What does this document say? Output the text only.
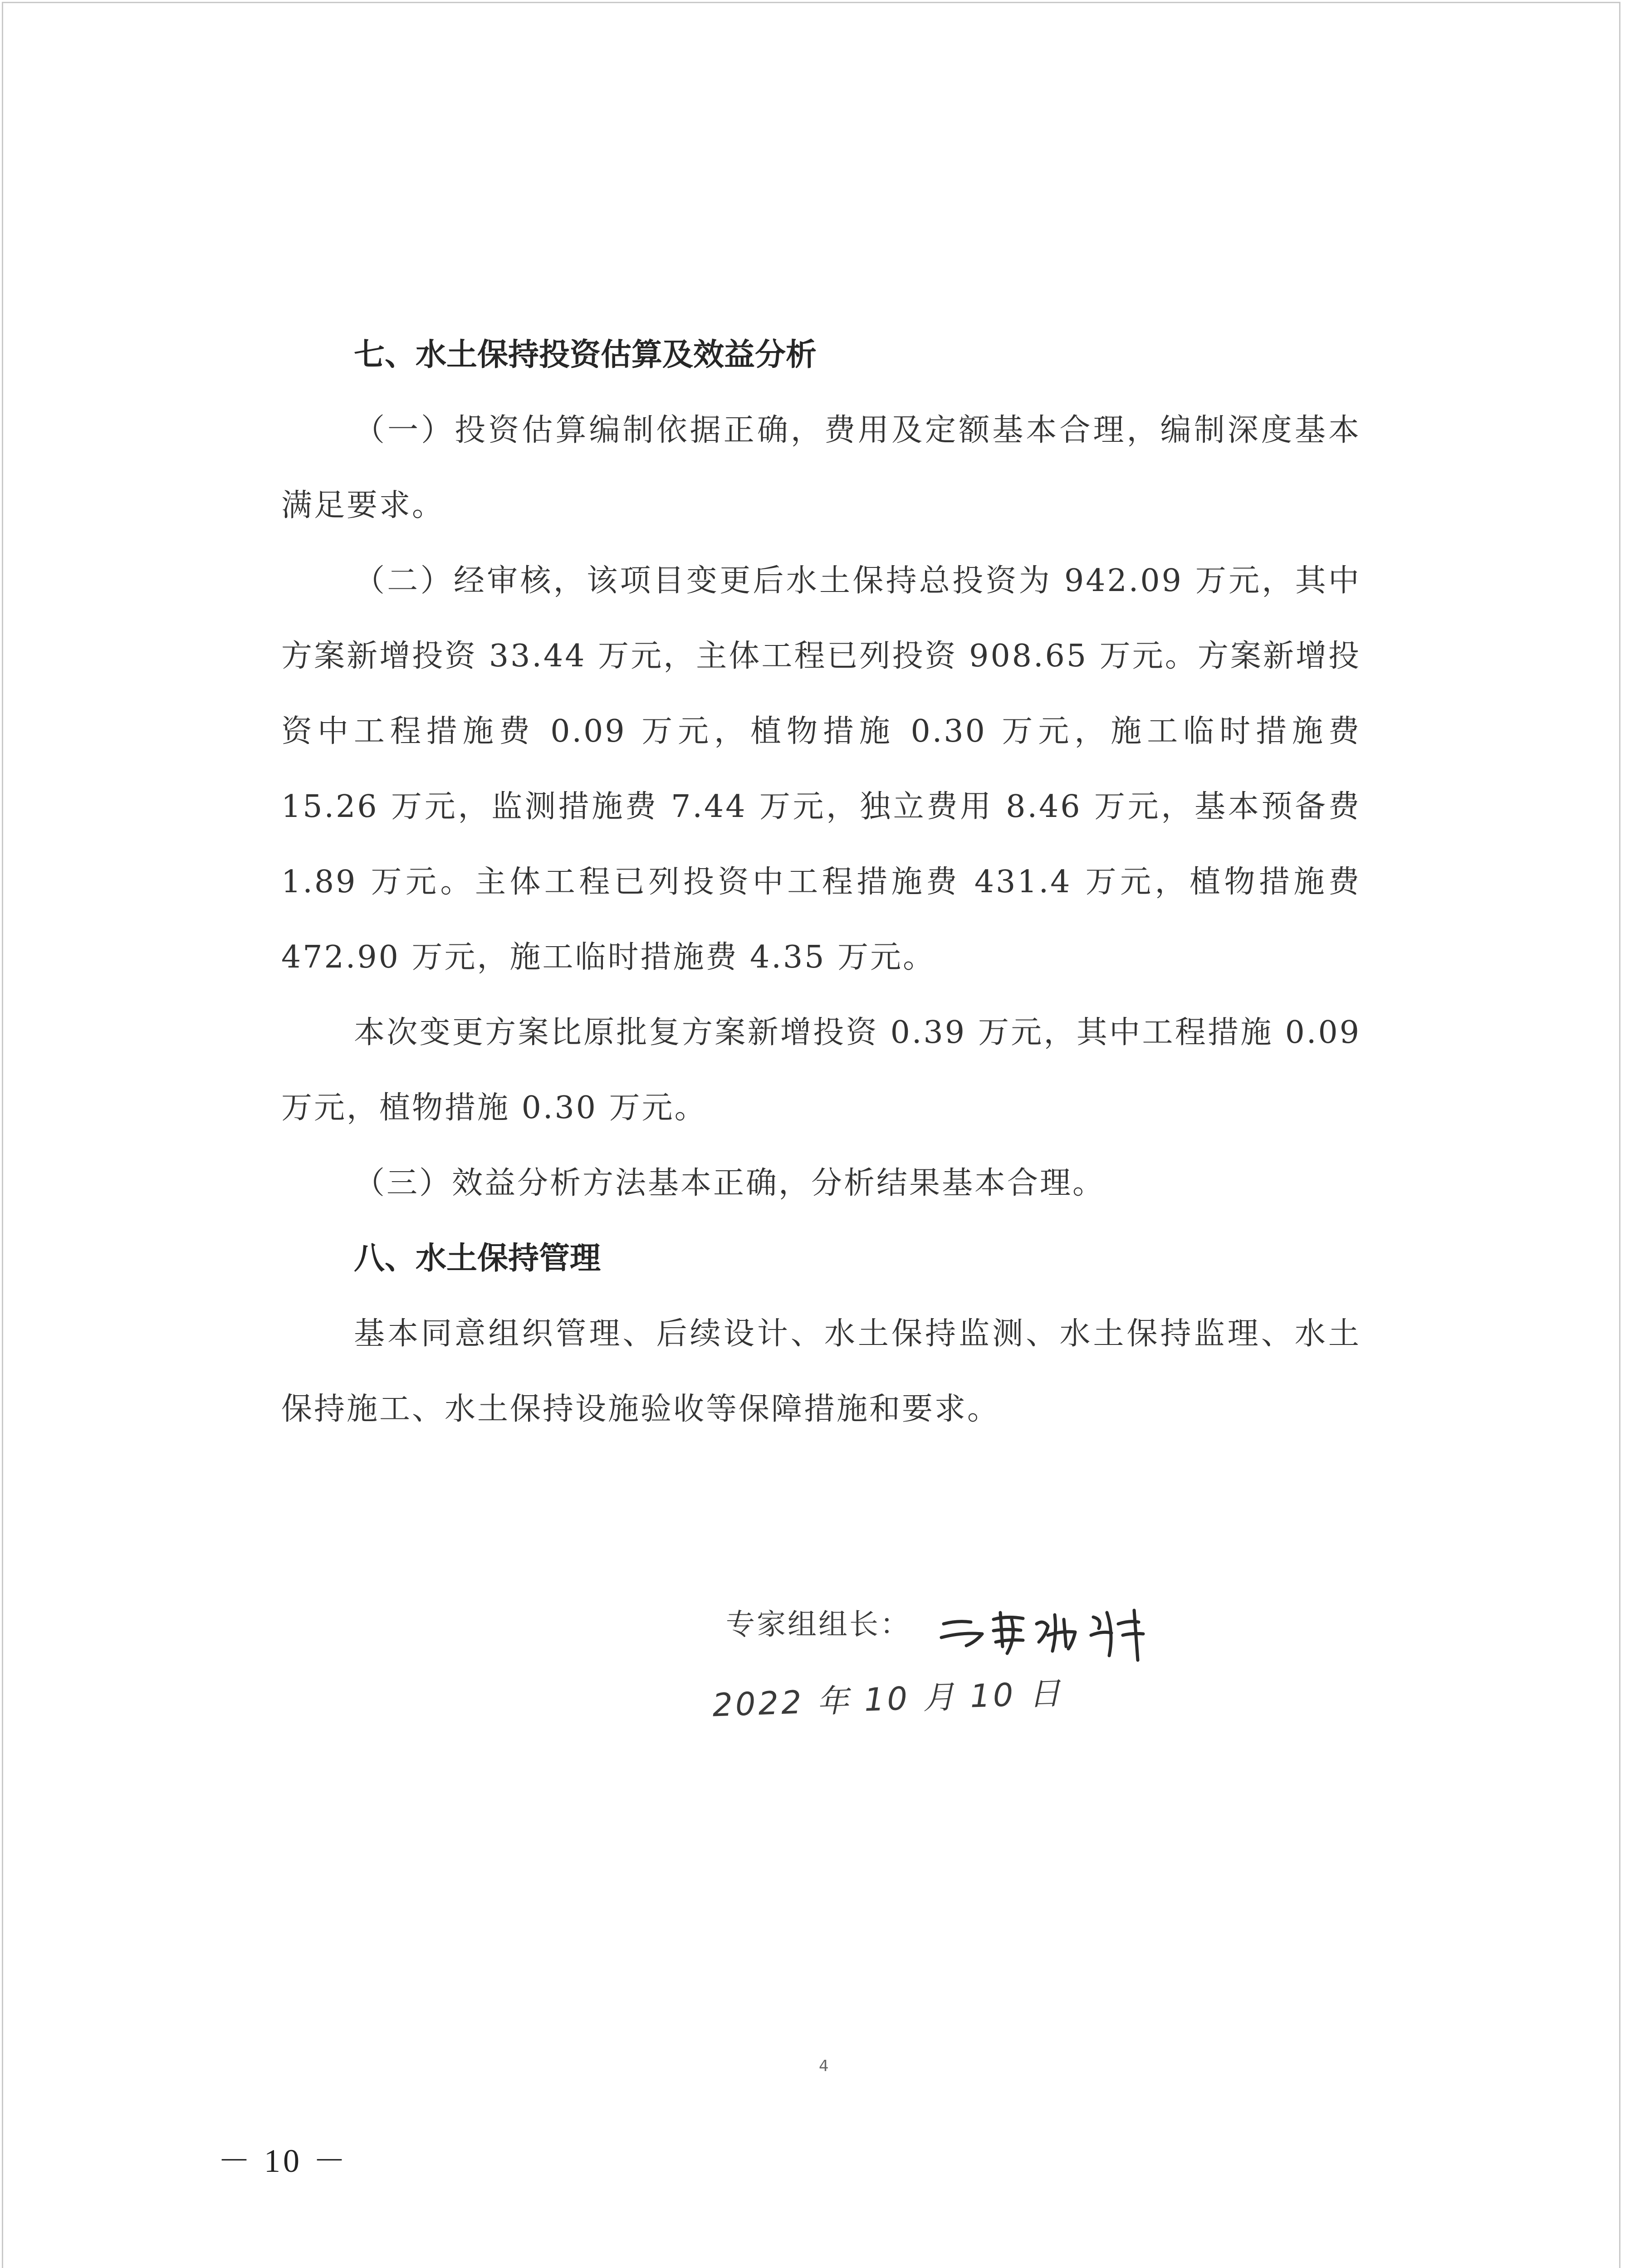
七、水土保持投资估算及效益分析

（一）投资估算编制依据正确，费用及定额基本合理，编制深度基本满足要求。

（二）经审核，该项目变更后水土保持总投资为 942.09 万元，其中方案新增投资 33.44 万元，主体工程已列投资 908.65 万元。方案新增投资中工程措施费 0.09 万元，植物措施 0.30 万元，施工临时措施费 15.26 万元，监测措施费 7.44 万元，独立费用 8.46 万元，基本预备费 1.89 万元。主体工程已列投资中工程措施费 431.4 万元，植物措施费 472.90 万元，施工临时措施费 4.35 万元。

本次变更方案比原批复方案新增投资 0.39 万元，其中工程措施 0.09 万元，植物措施 0.30 万元。

（三）效益分析方法基本正确，分析结果基本合理。

八、水土保持管理

基本同意组织管理、后续设计、水土保持监测、水土保持监理、水土保持施工、水土保持设施验收等保障措施和要求。

专家组组长：
2022 年 10 月 10 日
4
－ 10 －
